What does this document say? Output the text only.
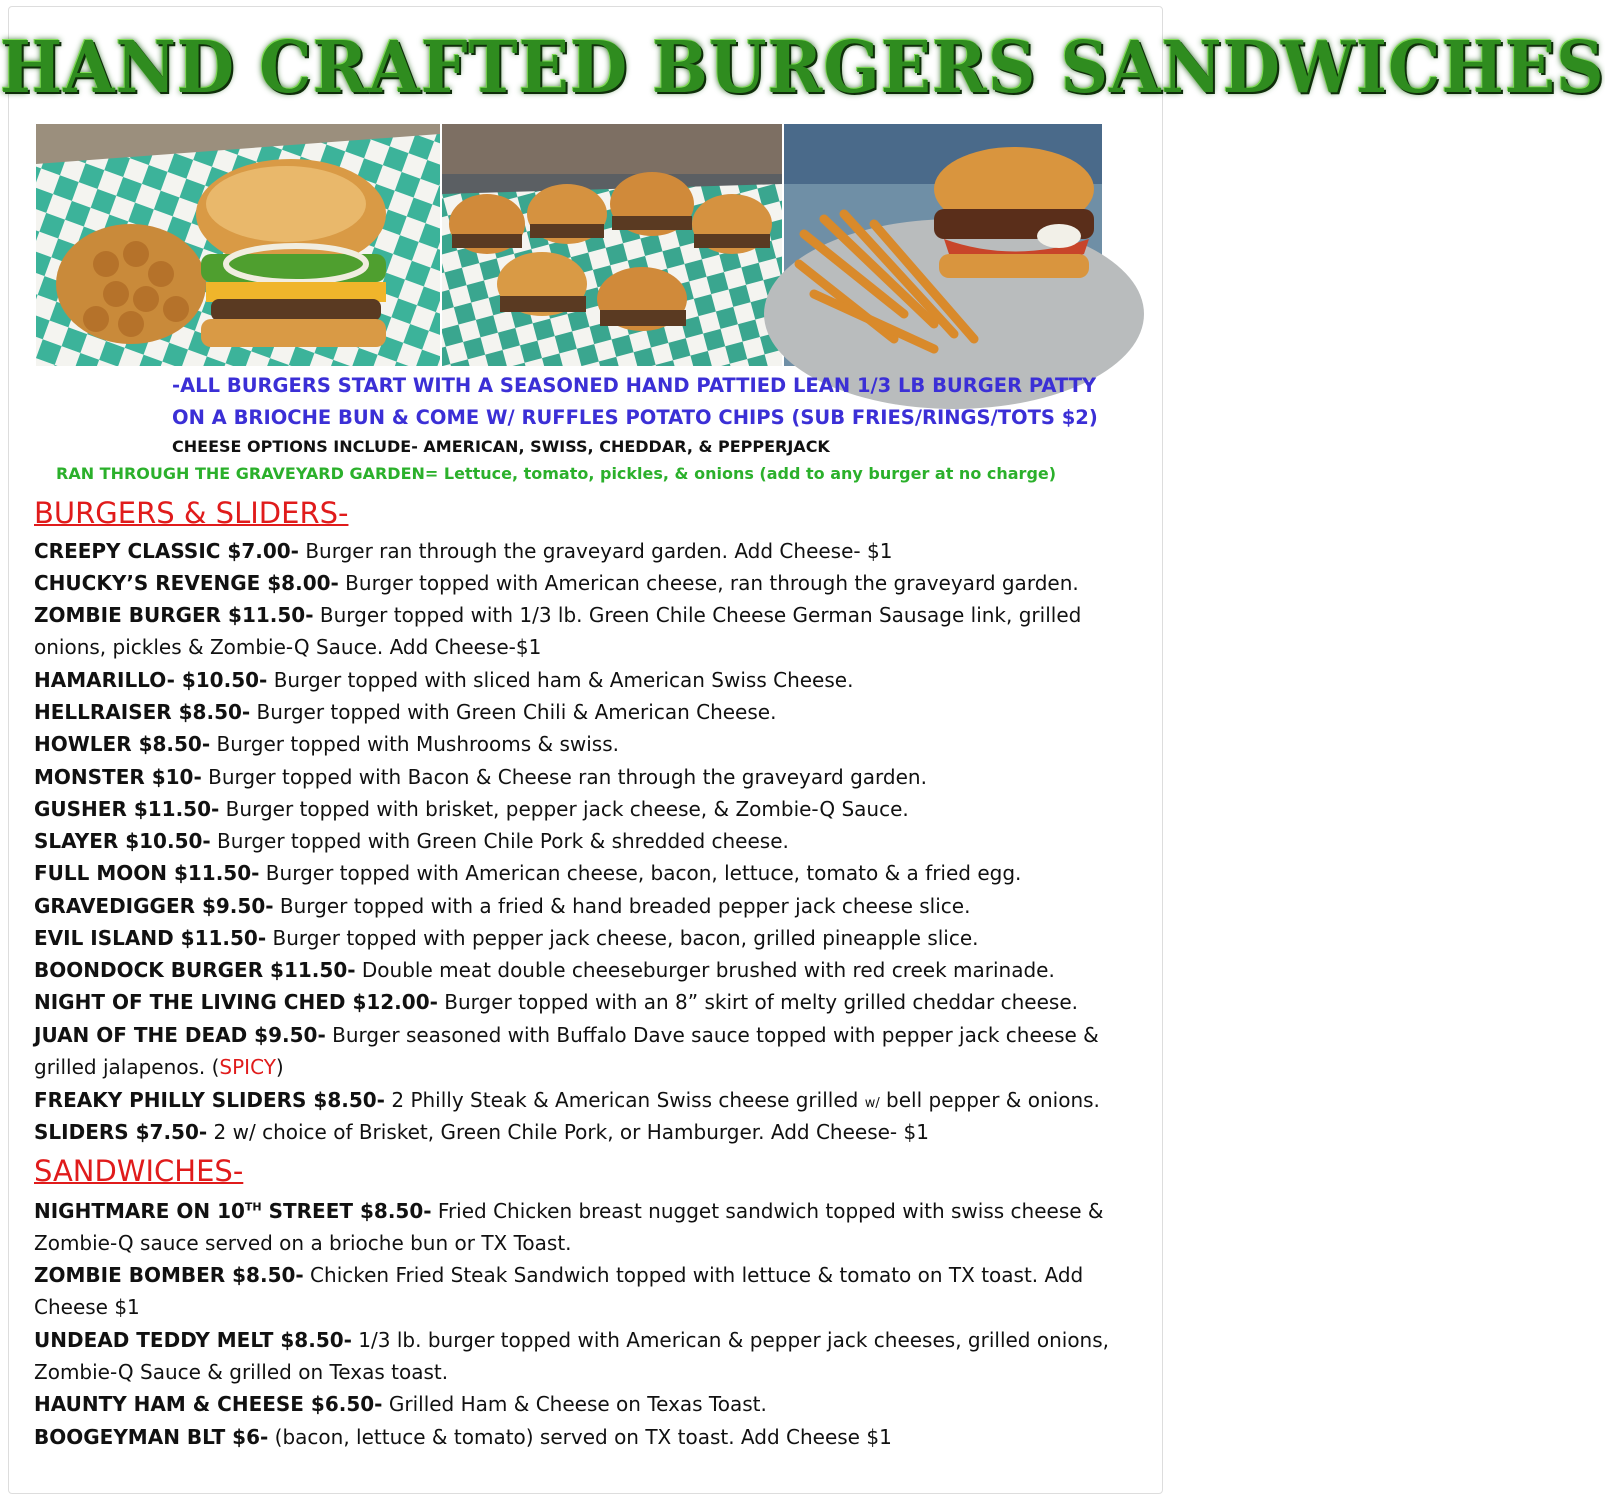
HAND CRAFTED BURGERS SANDWICHES
-ALL BURGERS START WITH A SEASONED HAND PATTIED LEAN 1/3 LB BURGER PATTY
ON A BRIOCHE BUN & COME W/ RUFFLES POTATO CHIPS (SUB FRIES/RINGS/TOTS $2)
CHEESE OPTIONS INCLUDE- AMERICAN, SWISS, CHEDDAR, & PEPPERJACK
RAN THROUGH THE GRAVEYARD GARDEN= Lettuce, tomato, pickles, & onions (add to any burger at no charge)
BURGERS & SLIDERS-
CREEPY CLASSIC $7.00- Burger ran through the graveyard garden. Add Cheese- $1
CHUCKY’S REVENGE $8.00- Burger topped with American cheese, ran through the graveyard garden.
ZOMBIE BURGER $11.50- Burger topped with 1/3 lb. Green Chile Cheese German Sausage link, grilled onions, pickles & Zombie-Q Sauce. Add Cheese-$1
HAMARILLO- $10.50- Burger topped with sliced ham & American Swiss Cheese.
HELLRAISER $8.50- Burger topped with Green Chili & American Cheese.
HOWLER $8.50- Burger topped with Mushrooms & swiss.
MONSTER $10- Burger topped with Bacon & Cheese ran through the graveyard garden.
GUSHER $11.50- Burger topped with brisket, pepper jack cheese, & Zombie-Q Sauce.
SLAYER $10.50- Burger topped with Green Chile Pork & shredded cheese.
FULL MOON $11.50- Burger topped with American cheese, bacon, lettuce, tomato & a fried egg.
GRAVEDIGGER $9.50- Burger topped with a fried & hand breaded pepper jack cheese slice.
EVIL ISLAND $11.50- Burger topped with pepper jack cheese, bacon, grilled pineapple slice.
BOONDOCK BURGER $11.50- Double meat double cheeseburger brushed with red creek marinade.
NIGHT OF THE LIVING CHED $12.00- Burger topped with an 8” skirt of melty grilled cheddar cheese.
JUAN OF THE DEAD $9.50- Burger seasoned with Buffalo Dave sauce topped with pepper jack cheese & grilled jalapenos. (SPICY)
FREAKY PHILLY SLIDERS $8.50- 2 Philly Steak & American Swiss cheese grilled w/ bell pepper & onions.
SLIDERS $7.50- 2 w/ choice of Brisket, Green Chile Pork, or Hamburger. Add Cheese- $1
SANDWICHES-
NIGHTMARE ON 10TH STREET $8.50- Fried Chicken breast nugget sandwich topped with swiss cheese & Zombie-Q sauce served on a brioche bun or TX Toast.
ZOMBIE BOMBER $8.50- Chicken Fried Steak Sandwich topped with lettuce & tomato on TX toast. Add Cheese $1
UNDEAD TEDDY MELT $8.50- 1/3 lb. burger topped with American & pepper jack cheeses, grilled onions, Zombie-Q Sauce & grilled on Texas toast.
HAUNTY HAM & CHEESE $6.50- Grilled Ham & Cheese on Texas Toast.
BOOGEYMAN BLT $6- (bacon, lettuce & tomato) served on TX toast. Add Cheese $1
